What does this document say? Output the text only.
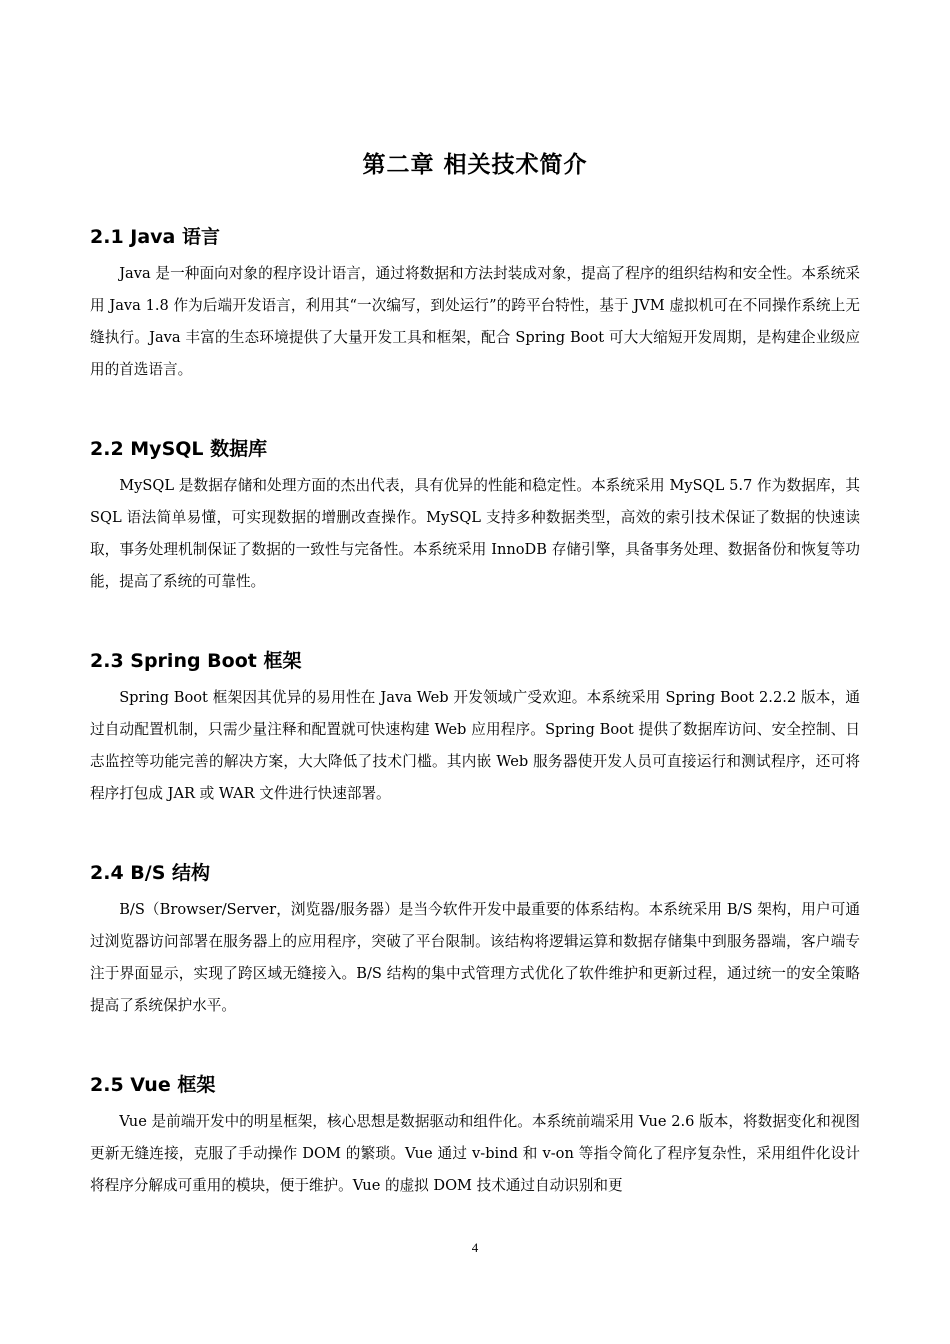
第二章 相关技术简介
2.1 Java 语言

Java 是一种面向对象的程序设计语言，通过将数据和方法封装成对象，提高了程序的组织结构和安全性。本系统采用 Java 1.8 作为后端开发语言，利用其“一次编写，到处运行”的跨平台特性，基于 JVM 虚拟机可在不同操作系统上无缝执行。Java 丰富的生态环境提供了大量开发工具和框架，配合 Spring Boot 可大大缩短开发周期，是构建企业级应用的首选语言。

2.2 MySQL 数据库

MySQL 是数据存储和处理方面的杰出代表，具有优异的性能和稳定性。本系统采用 MySQL 5.7 作为数据库，其 SQL 语法简单易懂，可实现数据的增删改查操作。MySQL 支持多种数据类型，高效的索引技术保证了数据的快速读取，事务处理机制保证了数据的一致性与完备性。本系统采用 InnoDB 存储引擎，具备事务处理、数据备份和恢复等功能，提高了系统的可靠性。

2.3 Spring Boot 框架

Spring Boot 框架因其优异的易用性在 Java Web 开发领域广受欢迎。本系统采用 Spring Boot 2.2.2 版本，通过自动配置机制，只需少量注释和配置就可快速构建 Web 应用程序。Spring Boot 提供了数据库访问、安全控制、日志监控等功能完善的解决方案，大大降低了技术门槛。其内嵌 Web 服务器使开发人员可直接运行和测试程序，还可将程序打包成 JAR 或 WAR 文件进行快速部署。

2.4 B/S 结构

B/S（Browser/Server，浏览器/服务器）是当今软件开发中最重要的体系结构。本系统采用 B/S 架构，用户可通过浏览器访问部署在服务器上的应用程序，突破了平台限制。该结构将逻辑运算和数据存储集中到服务器端，客户端专注于界面显示，实现了跨区域无缝接入。B/S 结构的集中式管理方式优化了软件维护和更新过程，通过统一的安全策略提高了系统保护水平。

2.5 Vue 框架

Vue 是前端开发中的明星框架，核心思想是数据驱动和组件化。本系统前端采用 Vue 2.6 版本，将数据变化和视图更新无缝连接，克服了手动操作 DOM 的繁琐。Vue 通过 v-bind 和 v-on 等指令简化了程序复杂性，采用组件化设计将程序分解成可重用的模块，便于维护。Vue 的虚拟 DOM 技术通过自动识别和更

4
